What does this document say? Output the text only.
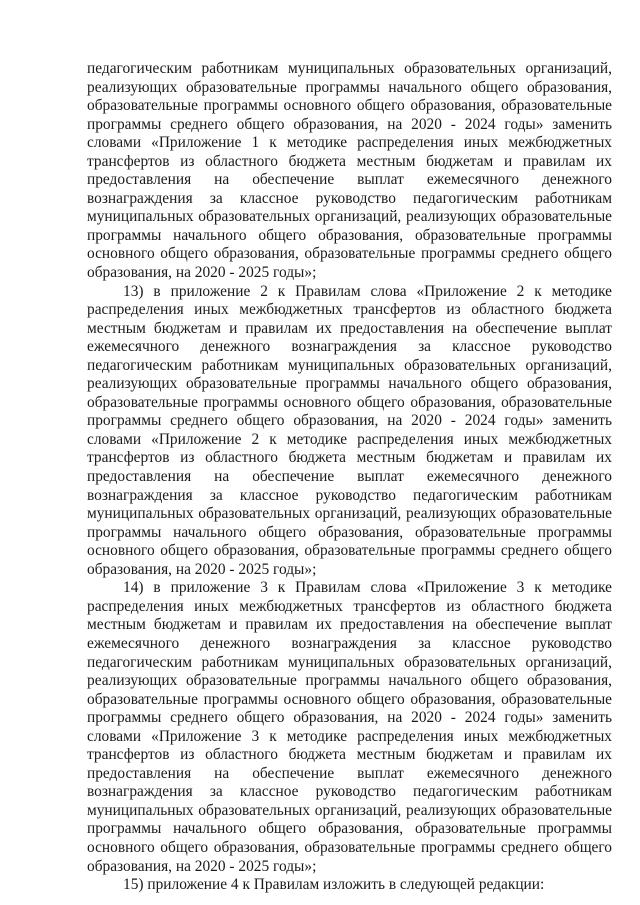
педагогическим работникам муниципальных образовательных организаций, реализующих образовательные программы начального общего образования, образовательные программы основного общего образования, образовательные программы среднего общего образования, на 2020 - 2024 годы» заменить словами «Приложение 1 к методике распределения иных межбюджетных трансфертов из областного бюджета местным бюджетам и правилам их предоставления на обеспечение выплат ежемесячного денежного вознаграждения за классное руководство педагогическим работникам муниципальных образовательных организаций, реализующих образовательные программы начального общего образования, образовательные программы основного общего образования, образовательные программы среднего общего образования, на 2020 - 2025 годы»;

13) в приложение 2 к Правилам слова «Приложение 2 к методике распределения иных межбюджетных трансфертов из областного бюджета местным бюджетам и правилам их предоставления на обеспечение выплат ежемесячного денежного вознаграждения за классное руководство педагогическим работникам муниципальных образовательных организаций, реализующих образовательные программы начального общего образования, образовательные программы основного общего образования, образовательные программы среднего общего образования, на 2020 - 2024 годы» заменить словами «Приложение 2 к методике распределения иных межбюджетных трансфертов из областного бюджета местным бюджетам и правилам их предоставления на обеспечение выплат ежемесячного денежного вознаграждения за классное руководство педагогическим работникам муниципальных образовательных организаций, реализующих образовательные программы начального общего образования, образовательные программы основного общего образования, образовательные программы среднего общего образования, на 2020 - 2025 годы»;

14) в приложение 3 к Правилам слова «Приложение 3 к методике распределения иных межбюджетных трансфертов из областного бюджета местным бюджетам и правилам их предоставления на обеспечение выплат ежемесячного денежного вознаграждения за классное руководство педагогическим работникам муниципальных образовательных организаций, реализующих образовательные программы начального общего образования, образовательные программы основного общего образования, образовательные программы среднего общего образования, на 2020 - 2024 годы» заменить словами «Приложение 3 к методике распределения иных межбюджетных трансфертов из областного бюджета местным бюджетам и правилам их предоставления на обеспечение выплат ежемесячного денежного вознаграждения за классное руководство педагогическим работникам муниципальных образовательных организаций, реализующих образовательные программы начального общего образования, образовательные программы основного общего образования, образовательные программы среднего общего образования, на 2020 - 2025 годы»;

15) приложение 4 к Правилам изложить в следующей редакции:
